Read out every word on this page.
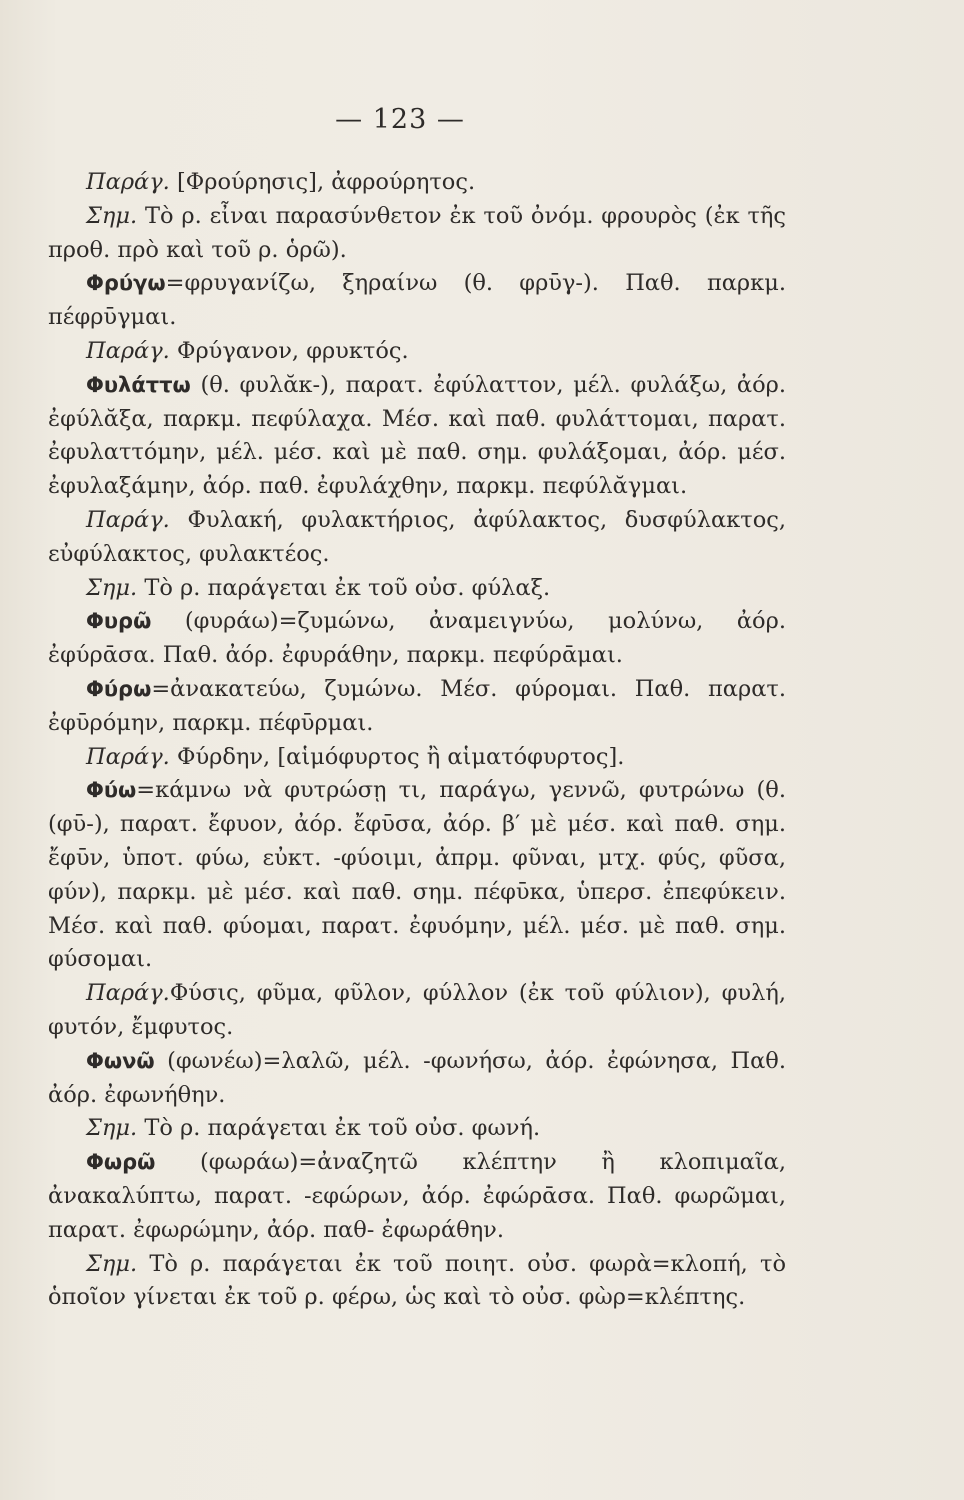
— 123 —

Παράγ. [Φρούρησις], ἀφρούρητος.

Σημ. Τὸ ρ. εἶναι παρασύνθετον ἐκ τοῦ ὀνόμ. φρουρὸς (ἐκ τῆς προθ. πρὸ καὶ τοῦ ρ. ὁρῶ).

Φρύγω=φρυγανίζω, ξηραίνω (θ. φρῡγ-). Παθ. παρκμ. πέφρῡγμαι.

Παράγ. Φρύγανον, φρυκτός.

Φυλάττω (θ. φυλᾰκ-), παρατ. ἐφύλαττον, μέλ. φυλάξω, ἀόρ. ἐφύλᾰξα, παρκμ. πεφύλαχα. Μέσ. καὶ παθ. φυλάττομαι, παρατ. ἐφυλαττόμην, μέλ. μέσ. καὶ μὲ παθ. σημ. φυλάξομαι, ἀόρ. μέσ. ἐφυλαξάμην, ἀόρ. παθ. ἐφυλάχθην, παρκμ. πεφύλᾰγμαι.

Παράγ. Φυλακή, φυλακτήριος, ἀφύλακτος, δυσφύλακτος, εὐφύλακτος, φυλακτέος.

Σημ. Τὸ ρ. παράγεται ἐκ τοῦ οὐσ. φύλαξ.

Φυρῶ (φυράω)=ζυμώνω, ἀναμειγνύω, μολύνω, ἀόρ. ἐφύρᾱσα. Παθ. ἀόρ. ἐφυράθην, παρκμ. πεφύρᾱμαι.

Φύρω=ἀνακατεύω, ζυμώνω. Μέσ. φύρομαι. Παθ. παρατ. ἐφῡρόμην, παρκμ. πέφῡρμαι.

Παράγ. Φύρδην, [αἱμόφυρτος ἢ αἱματόφυρτος].

Φύω=κάμνω νὰ φυτρώσῃ τι, παράγω, γεννῶ, φυτρώνω (θ. (φῡ-), παρατ. ἔφυον, ἀόρ. ἔφῡσα, ἀόρ. β′ μὲ μέσ. καὶ παθ. σημ. ἔφῡν, ὑποτ. φύω, εὐκτ. -φύοιμι, ἀπρμ. φῦναι, μτχ. φύς, φῦσα, φύν), παρκμ. μὲ μέσ. καὶ παθ. σημ. πέφῡκα, ὑπερσ. ἐπεφύκειν. Μέσ. καὶ παθ. φύομαι, παρατ. ἐφυόμην, μέλ. μέσ. μὲ παθ. σημ. φύσομαι.

Παράγ.Φύσις, φῦμα, φῦλον, φύλλον (ἐκ τοῦ φύλιον), φυλή, φυτόν, ἔμφυτος.

Φωνῶ (φωνέω)=λαλῶ, μέλ. -φωνήσω, ἀόρ. ἐφώνησα, Παθ. ἀόρ. ἐφωνήθην.

Σημ. Τὸ ρ. παράγεται ἐκ τοῦ οὐσ. φωνή.

Φωρῶ (φωράω)=ἀναζητῶ κλέπτην ἢ κλοπιμαῖα, ἀνακαλύπτω, παρατ. -εφώρων, ἀόρ. ἐφώρᾱσα. Παθ. φωρῶμαι, παρατ. ἐφωρώμην, ἀόρ. παθ- ἐφωράθην.

Σημ. Τὸ ρ. παράγεται ἐκ τοῦ ποιητ. οὐσ. φωρὰ=κλοπή, τὸ ὁποῖον γίνεται ἐκ τοῦ ρ. φέρω, ὡς καὶ τὸ οὐσ. φὼρ=κλέπτης.
